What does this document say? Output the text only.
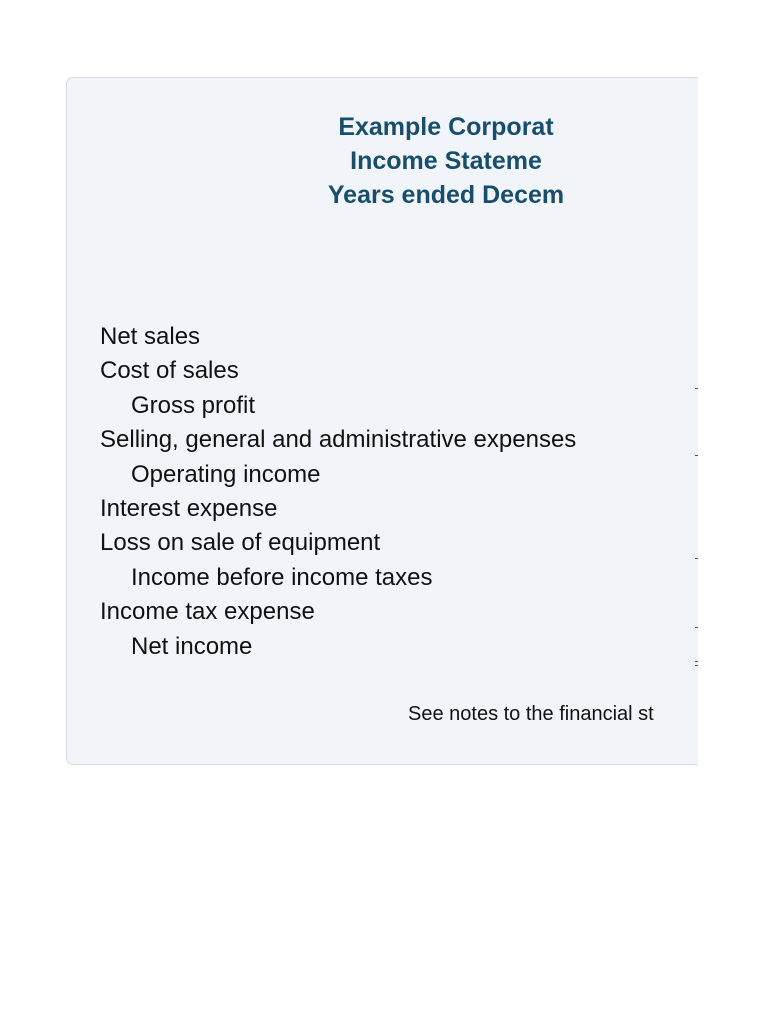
Example Corporat
Income Stateme
Years ended Decem
Net sales
Cost of sales
Gross profit
Selling, general and administrative expenses
Operating income
Interest expense
Loss on sale of equipment
Income before income taxes
Income tax expense
Net income
See notes to the financial st
